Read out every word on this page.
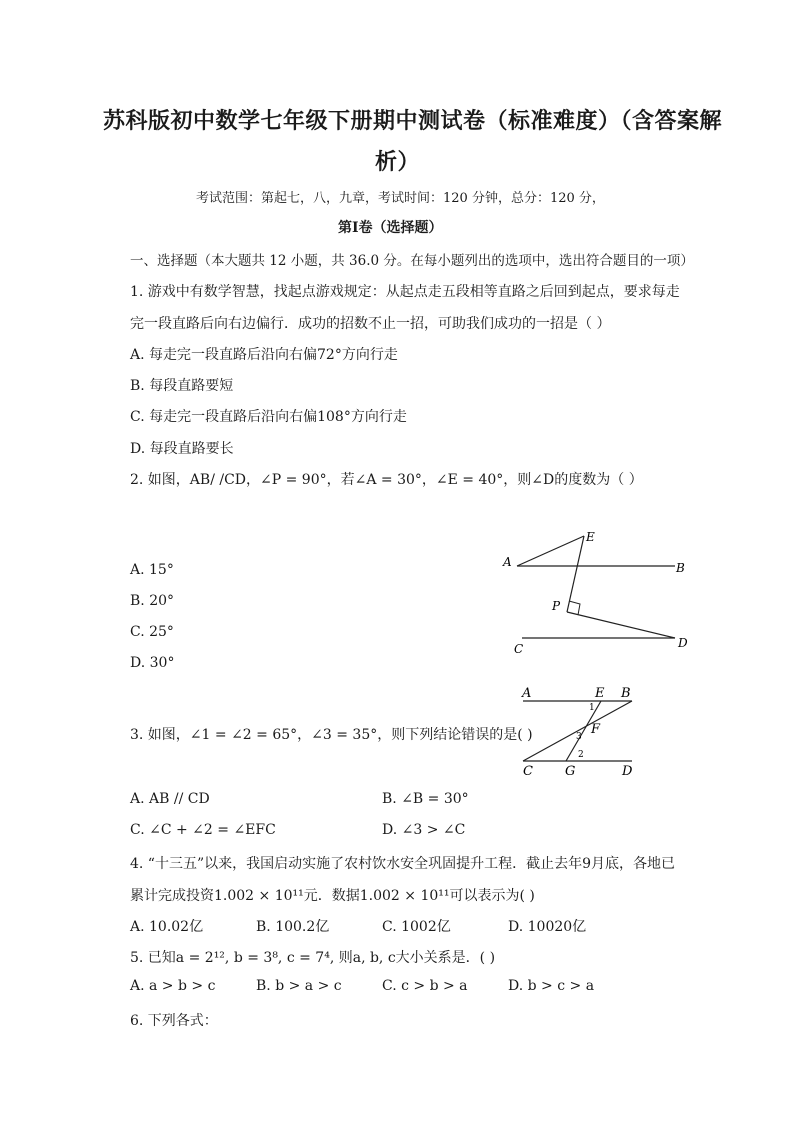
苏科版初中数学七年级下册期中测试卷（标准难度）（含答案解
析）
考试范围：第起七，八，九章，考试时间：120 分钟，总分：120 分，
第Ⅰ卷（选择题）
一、选择题（本大题共 12 小题，共 36.0 分。在每小题列出的选项中，选出符合题目的一项）
1. 游戏中有数学智慧，找起点游戏规定：从起点走五段相等直路之后回到起点，要求每走
完一段直路后向右边偏行．成功的招数不止一招，可助我们成功的一招是（ ）
A. 每走完一段直路后沿向右偏72°方向行走
B. 每段直路要短
C. 每走完一段直路后沿向右偏108°方向行走
D. 每段直路要长
2. 如图，AB/ /CD，∠P = 90°，若∠A = 30°，∠E = 40°，则∠D的度数为（ ）
A. 15°
B. 20°
C. 25°
D. 30°
E
A	B
P
C	D
3. 如图，∠1 = ∠2 = 65°，∠3 = 35°，则下列结论错误的是( )
A	E B
1
F
3
2
C G	D
A. AB // CD	B. ∠B = 30°
C. ∠C + ∠2 = ∠EFC	D. ∠3 > ∠C
4. “十三五”以来，我国启动实施了农村饮水安全巩固提升工程．截止去年9月底，各地已
累计完成投资1.002 × 10¹¹元．数据1.002 × 10¹¹可以表示为( )
A. 10.02亿	B. 100.2亿	C. 1002亿	D. 10020亿
5. 已知a = 2¹², b = 3⁸, c = 7⁴, 则a, b, c大小关系是．( )
A. a > b > c	B. b > a > c	C. c > b > a	D. b > c > a
6. 下列各式：
